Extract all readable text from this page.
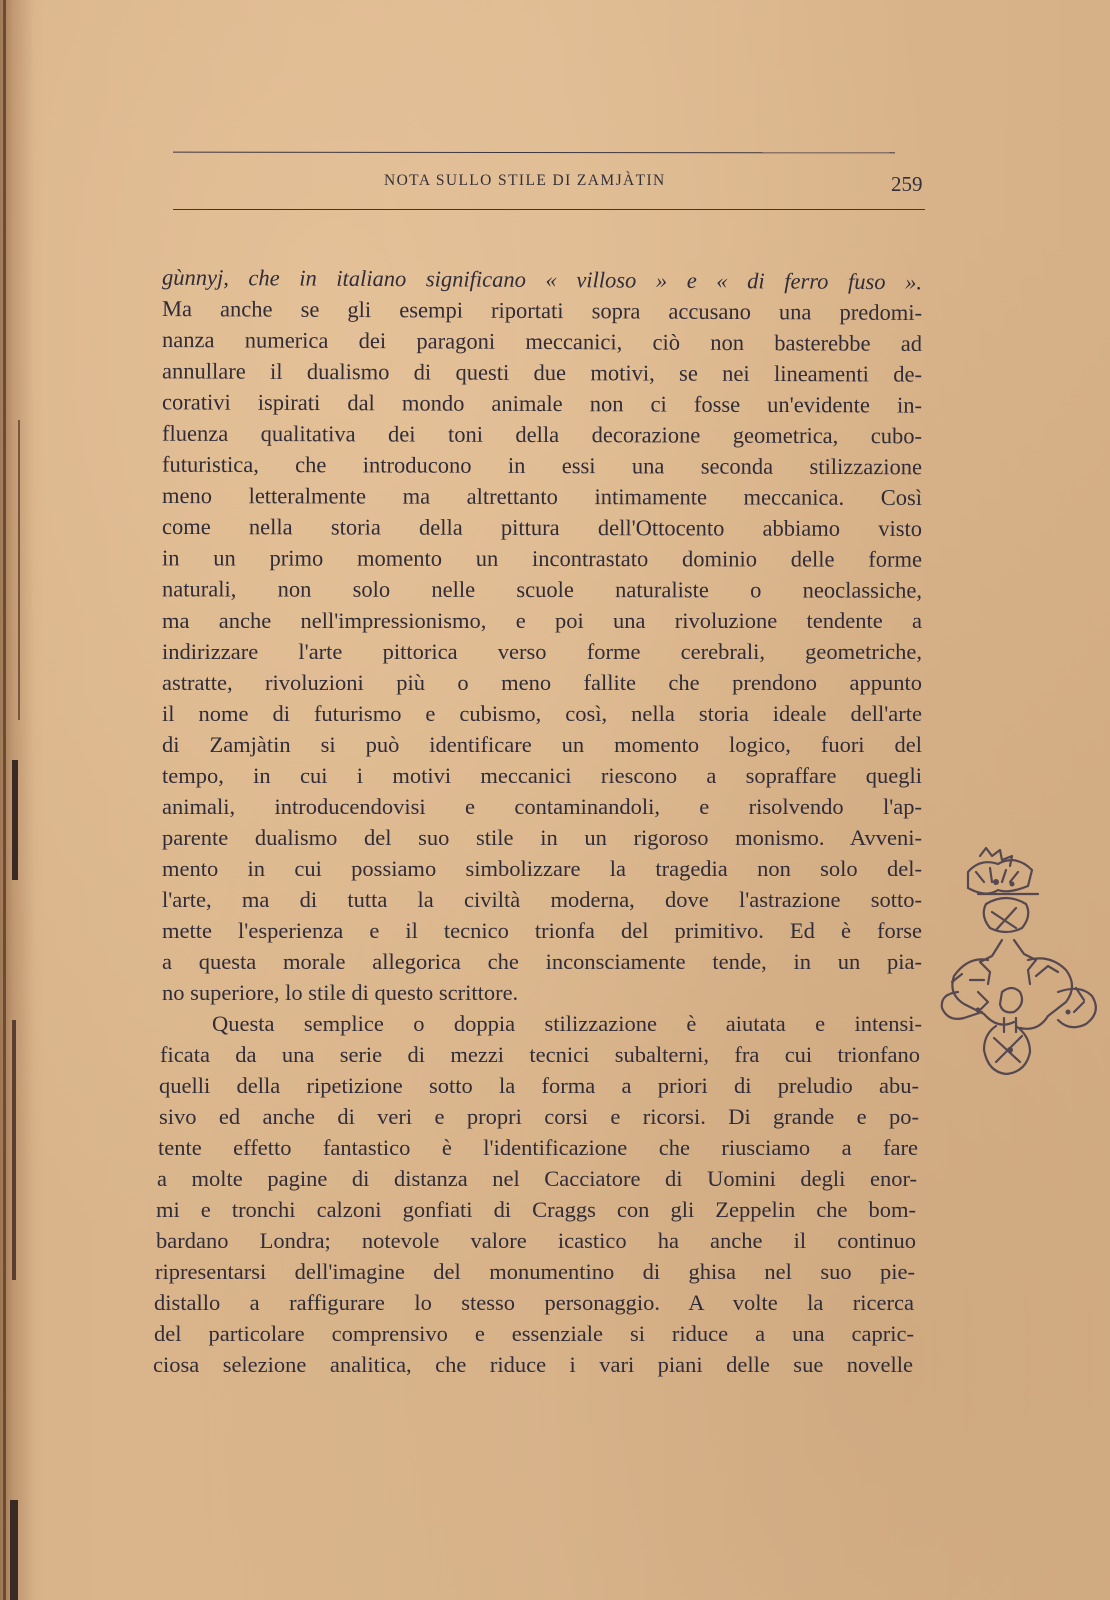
NOTA SULLO STILE DI ZAMJÀTIN	259
gùnnyj, che in italiano significano « villoso » e « di ferro fuso ».
Ma anche se gli esempi riportati sopra accusano una predomi-
nanza numerica dei paragoni meccanici, ciò non basterebbe ad
annullare il dualismo di questi due motivi, se nei lineamenti de-
corativi ispirati dal mondo animale non ci fosse un'evidente in-
fluenza qualitativa dei toni della decorazione geometrica, cubo-
futuristica, che introducono in essi una seconda stilizzazione
meno letteralmente ma altrettanto intimamente meccanica. Così
come nella storia della pittura dell'Ottocento abbiamo visto
in un primo momento un incontrastato dominio delle forme
naturali, non solo nelle scuole naturaliste o neoclassiche,
ma anche nell'impressionismo, e poi una rivoluzione tendente a
indirizzare l'arte pittorica verso forme cerebrali, geometriche,
astratte, rivoluzioni più o meno fallite che prendono appunto
il nome di futurismo e cubismo, così, nella storia ideale dell'arte
di Zamjàtin si può identificare un momento logico, fuori del
tempo, in cui i motivi meccanici riescono a sopraffare quegli
animali, introducendovisi e contaminandoli, e risolvendo l'ap-
parente dualismo del suo stile in un rigoroso monismo. Avveni-
mento in cui possiamo simbolizzare la tragedia non solo del-
l'arte, ma di tutta la civiltà moderna, dove l'astrazione sotto-
mette l'esperienza e il tecnico trionfa del primitivo. Ed è forse
a questa morale allegorica che inconsciamente tende, in un pia-
no superiore, lo stile di questo scrittore.
Questa semplice o doppia stilizzazione è aiutata e intensi-
ficata da una serie di mezzi tecnici subalterni, fra cui trionfano
quelli della ripetizione sotto la forma a priori di preludio abu-
sivo ed anche di veri e propri corsi e ricorsi. Di grande e po-
tente effetto fantastico è l'identificazione che riusciamo a fare
a molte pagine di distanza nel Cacciatore di Uomini degli enor-
mi e tronchi calzoni gonfiati di Craggs con gli Zeppelin che bom-
bardano Londra; notevole valore icastico ha anche il continuo
ripresentarsi dell'imagine del monumentino di ghisa nel suo pie-
distallo a raffigurare lo stesso personaggio. A volte la ricerca
del particolare comprensivo e essenziale si riduce a una capric-
ciosa selezione analitica, che riduce i vari piani delle sue novelle
